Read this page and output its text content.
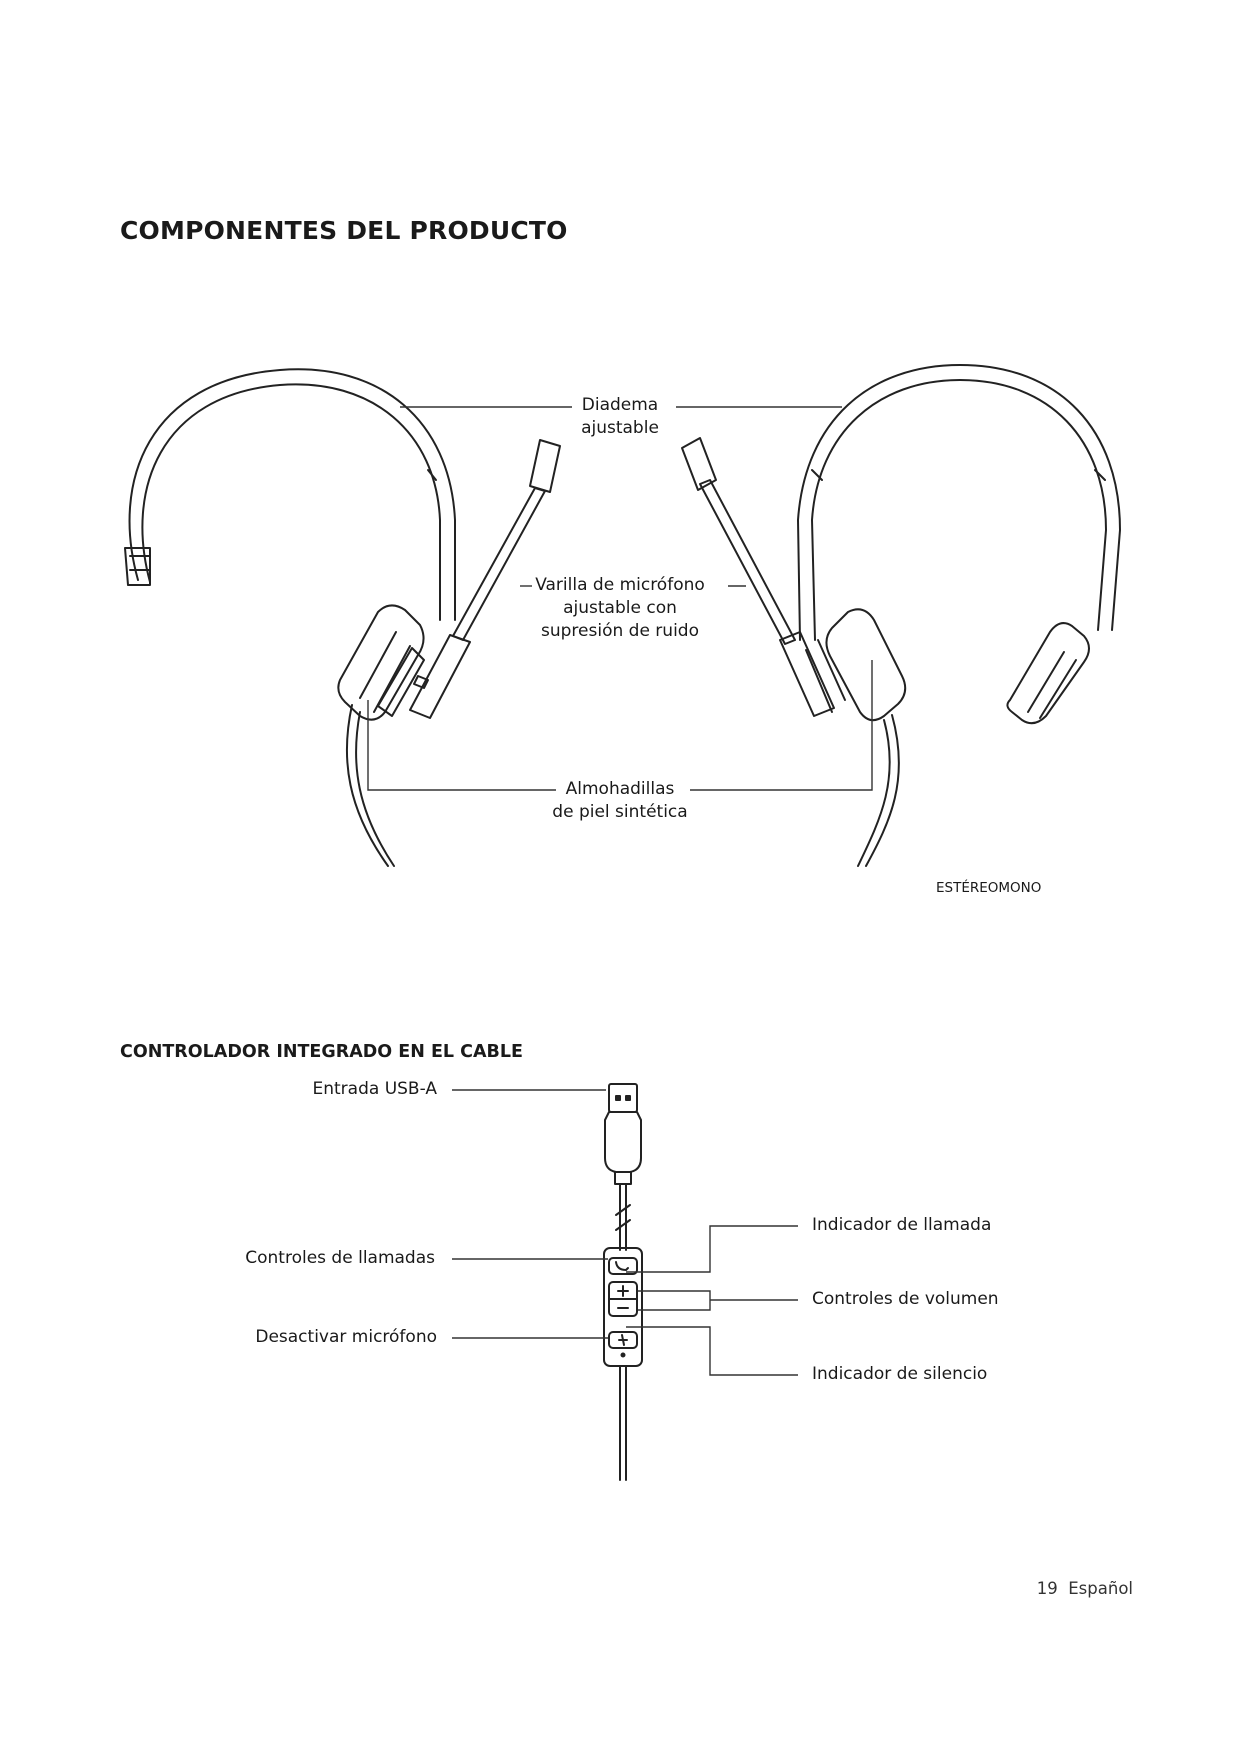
COMPONENTES DEL PRODUCTO
Diadema
ajustable
Varilla de micrófono
ajustable con
supresión de ruido
Almohadillas
de piel sintética
ESTÉREOMONO
CONTROLADOR INTEGRADO EN EL CABLE
Entrada USB-A
Controles de llamadas
Desactivar micrófono
Indicador de llamada
Controles de volumen
Indicador de silencio
19 Español
